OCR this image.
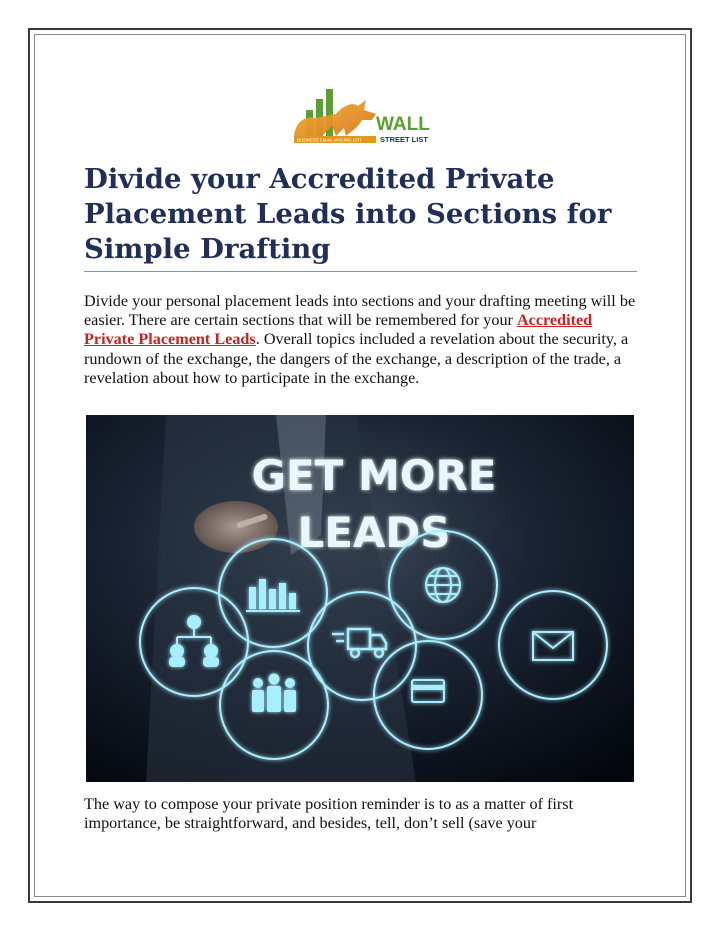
WALL
STREET LIST
BUSINESS EMAIL MAILING LIST
Divide your Accredited Private Placement Leads into Sections for Simple Drafting

Divide your personal placement leads into sections and your drafting meeting will be easier. There are certain sections that will be remembered for your Accredited Private Placement Leads. Overall topics included a revelation about the security, a rundown of the exchange, the dangers of the exchange, a description of the trade, a revelation about how to participate in the exchange.

GET MORE
LEADS

The way to compose your private position reminder is to as a matter of first importance, be straightforward, and besides, tell, don’t sell (save your
